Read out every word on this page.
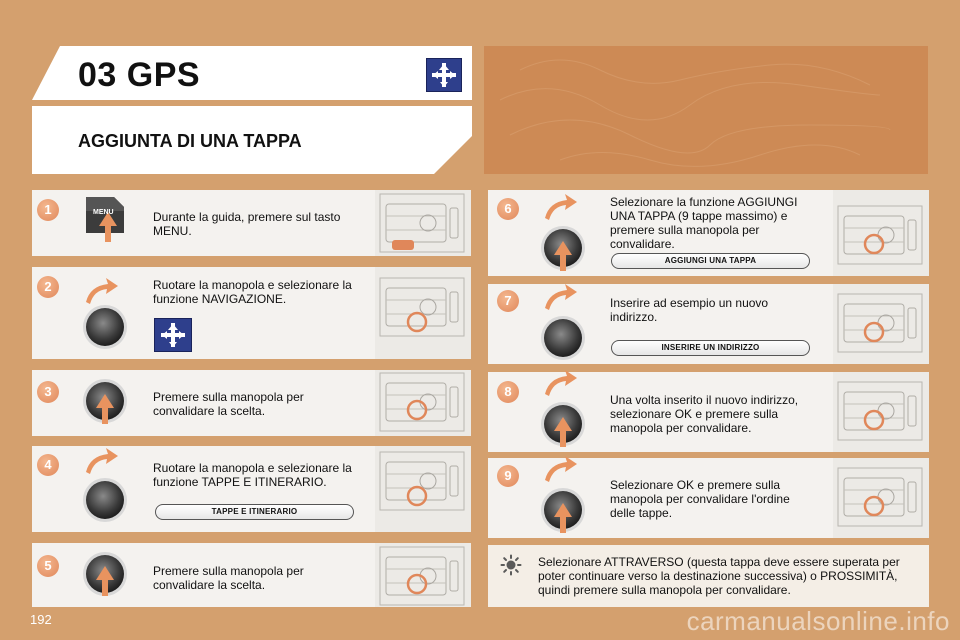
03 GPS
AGGIUNTA DI UNA TAPPA
MENU
1
2
3
4
5
6
7
8
9
Durante la guida, premere sul tasto MENU.
Ruotare la manopola e selezionare la funzione NAVIGAZIONE.
Premere sulla manopola per convalidare la scelta.
Ruotare la manopola e selezionare la funzione TAPPE E ITINERARIO.
Premere sulla manopola per convalidare la scelta.
Selezionare la funzione AGGIUNGI UNA TAPPA (9 tappe massimo) e premere sulla manopola per convalidare.
Inserire ad esempio un nuovo indirizzo.
Una volta inserito il nuovo indirizzo, selezionare OK e premere sulla manopola per convalidare.
Selezionare OK e premere sulla manopola per convalidare l'ordine delle tappe.
TAPPE E ITINERARIO
AGGIUNGI UNA TAPPA
INSERIRE UN INDIRIZZO
Selezionare ATTRAVERSO (questa tappa deve essere superata per poter continuare verso la destinazione successiva) o PROSSIMITÀ, quindi premere sulla manopola per convalidare.
192	carmanualsonline.info
